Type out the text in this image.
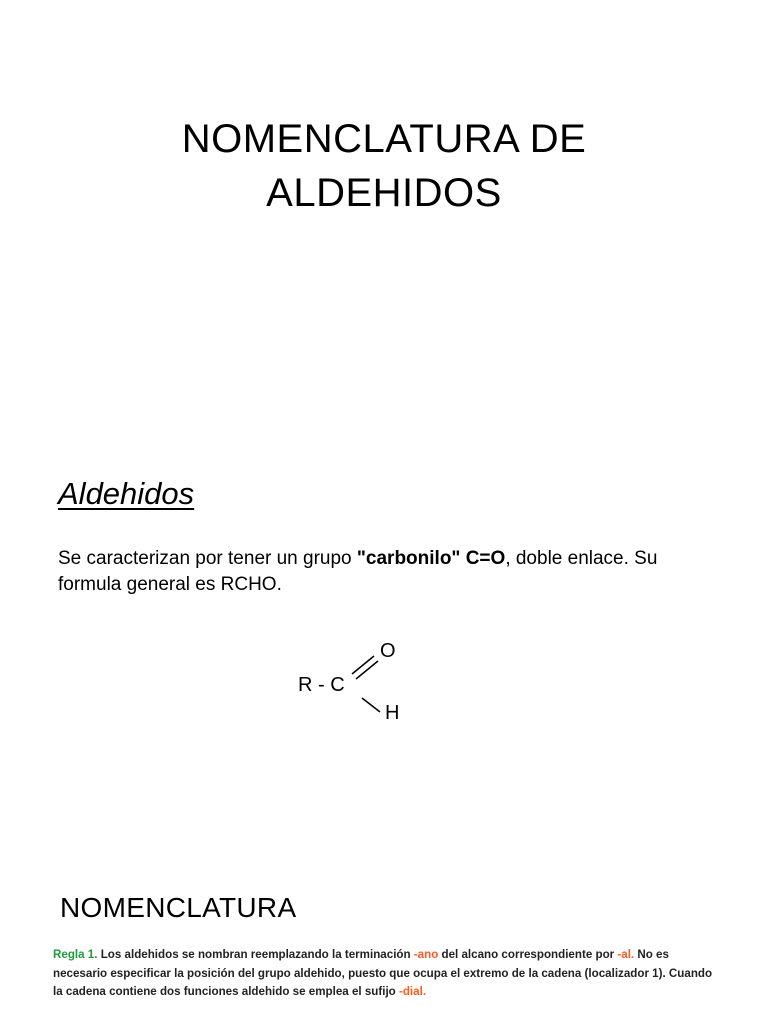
NOMENCLATURA DE
ALDEHIDOS
Aldehidos

Se caracterizan por tener un grupo "carbonilo" C=O, doble enlace. Su formula general es RCHO.

R - C
O
H
NOMENCLATURA

Regla 1. Los aldehidos se nombran reemplazando la terminación -ano del alcano correspondiente por -al. No es necesario especificar la posición del grupo aldehido, puesto que ocupa el extremo de la cadena (localizador 1). Cuando la cadena contiene dos funciones aldehido se emplea el sufijo -dial.
